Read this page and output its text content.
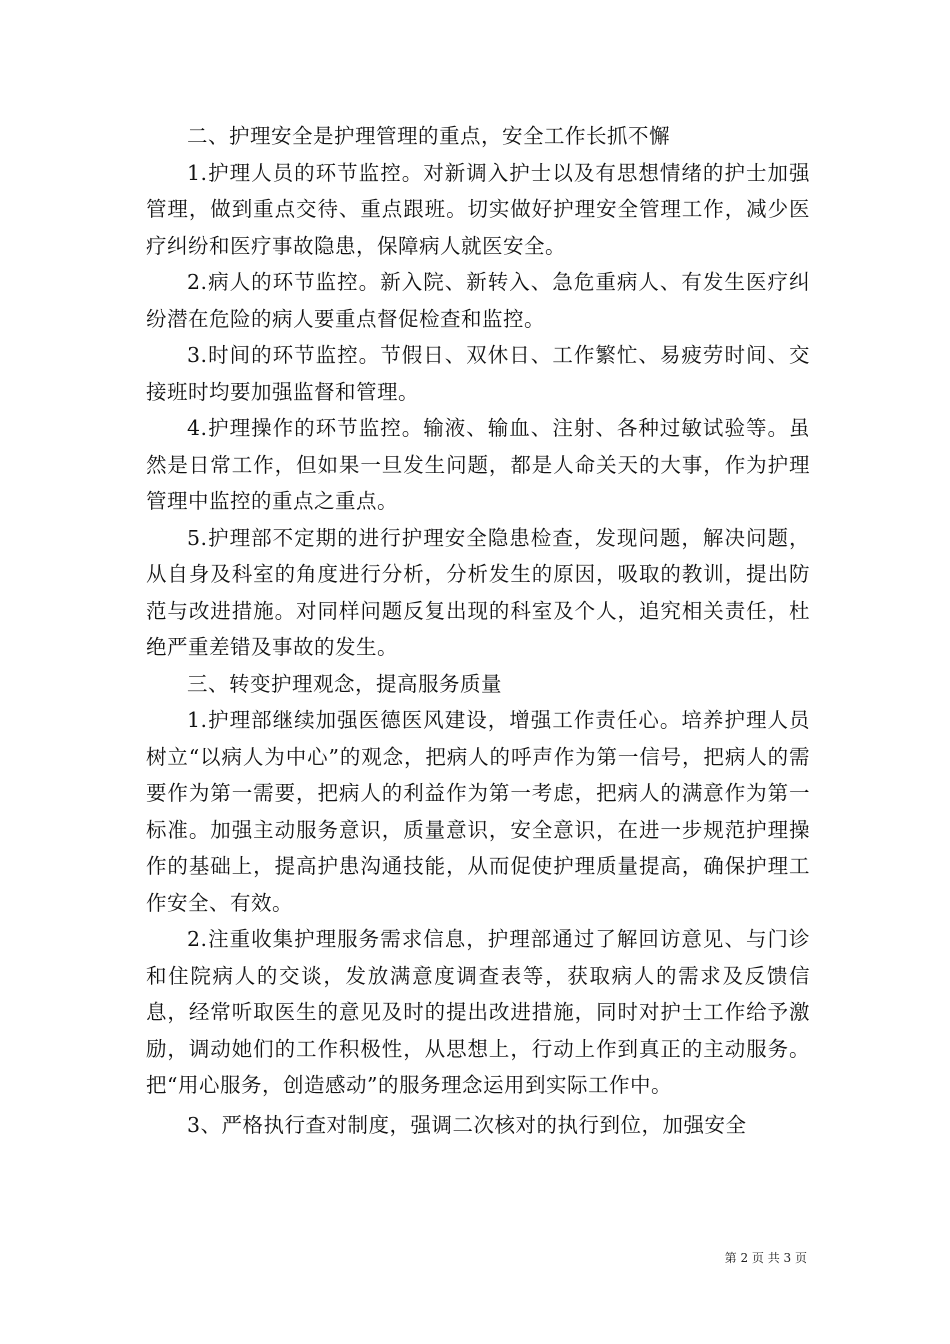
二、护理安全是护理管理的重点，安全工作长抓不懈

1.护理人员的环节监控。对新调入护士以及有思想情绪的护士加强管理，做到重点交待、重点跟班。切实做好护理安全管理工作，减少医疗纠纷和医疗事故隐患，保障病人就医安全。

2.病人的环节监控。新入院、新转入、急危重病人、有发生医疗纠纷潜在危险的病人要重点督促检查和监控。

3.时间的环节监控。节假日、双休日、工作繁忙、易疲劳时间、交接班时均要加强监督和管理。

4.护理操作的环节监控。输液、输血、注射、各种过敏试验等。虽然是日常工作，但如果一旦发生问题，都是人命关天的大事，作为护理管理中监控的重点之重点。

5.护理部不定期的进行护理安全隐患检查，发现问题，解决问题，从自身及科室的角度进行分析，分析发生的原因，吸取的教训，提出防范与改进措施。对同样问题反复出现的科室及个人，追究相关责任，杜绝严重差错及事故的发生。

三、转变护理观念，提高服务质量

1.护理部继续加强医德医风建设，增强工作责任心。培养护理人员树立“以病人为中心”的观念，把病人的呼声作为第一信号，把病人的需要作为第一需要，把病人的利益作为第一考虑，把病人的满意作为第一标准。加强主动服务意识，质量意识，安全意识，在进一步规范护理操作的基础上，提高护患沟通技能，从而促使护理质量提高，确保护理工作安全、有效。

2.注重收集护理服务需求信息，护理部通过了解回访意见、与门诊和住院病人的交谈，发放满意度调查表等，获取病人的需求及反馈信息，经常听取医生的意见及时的提出改进措施，同时对护士工作给予激励，调动她们的工作积极性，从思想上，行动上作到真正的主动服务。把“用心服务，创造感动”的服务理念运用到实际工作中。

3、严格执行查对制度，强调二次核对的执行到位，加强安全

第 2 页 共 3 页
